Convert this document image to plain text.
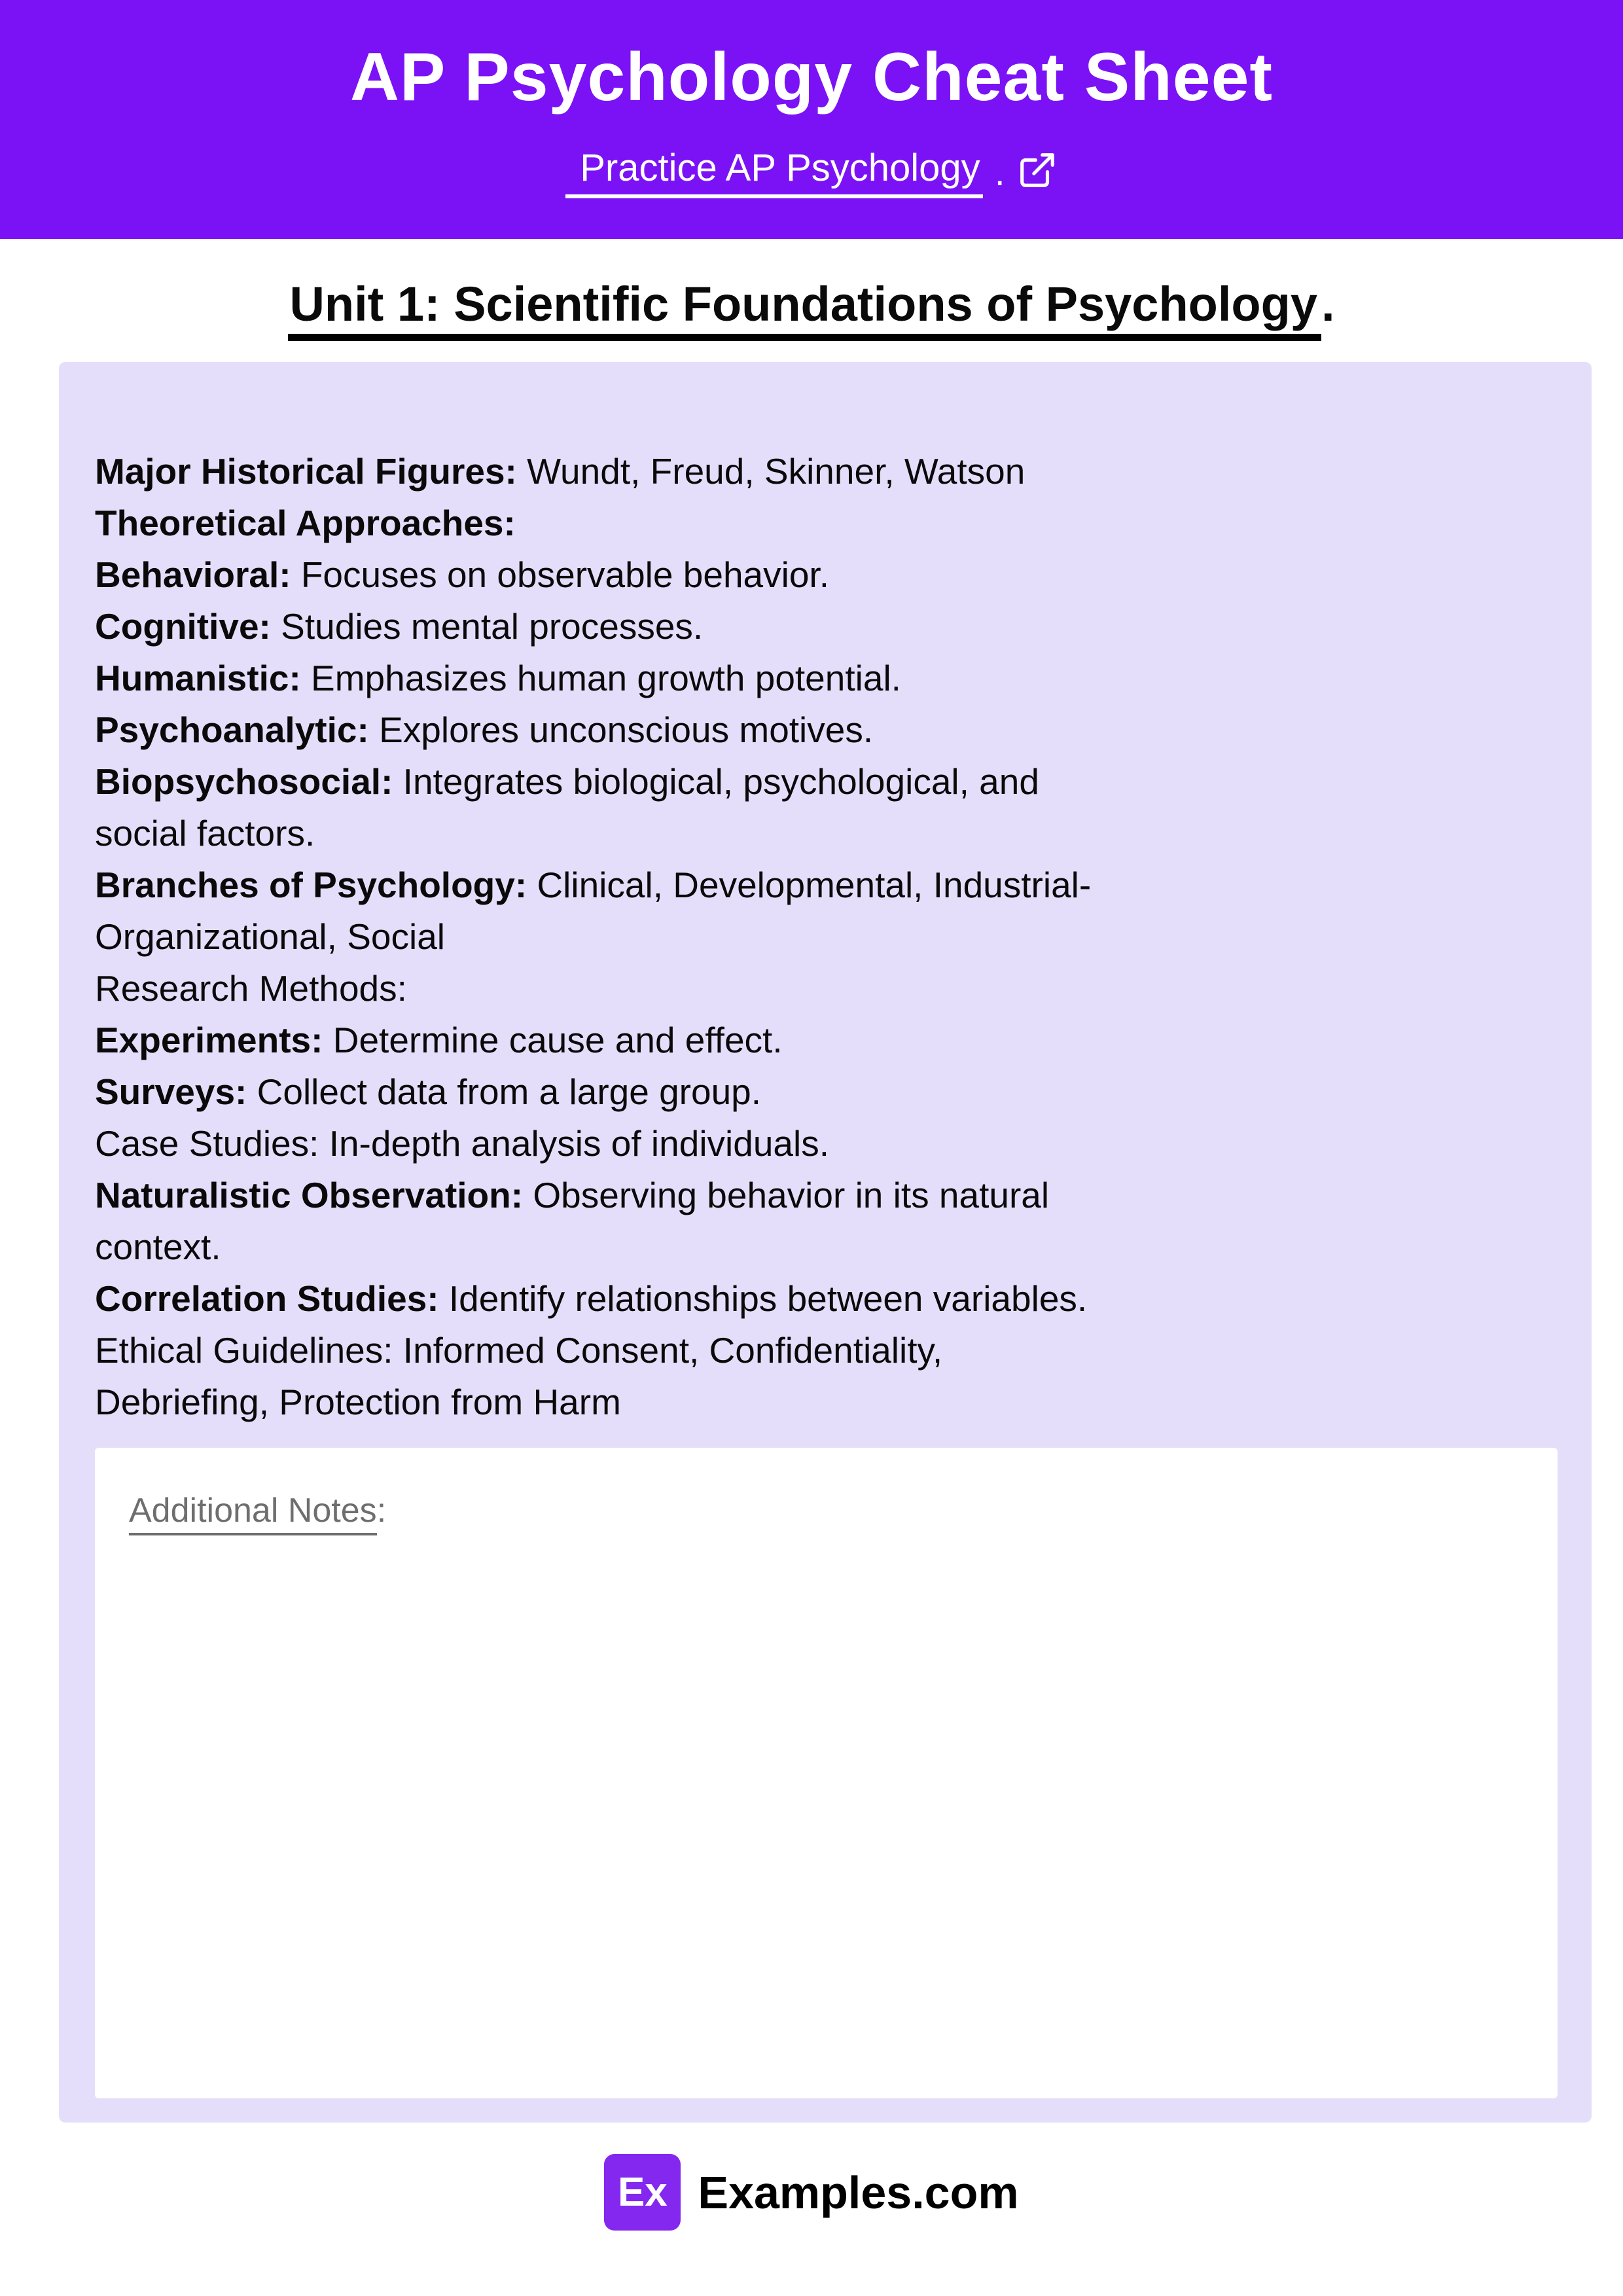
AP Psychology Cheat Sheet
Practice AP Psychology .
Unit 1: Scientific Foundations of Psychology.
Major Historical Figures: Wundt, Freud, Skinner, Watson
Theoretical Approaches:
Behavioral: Focuses on observable behavior.
Cognitive: Studies mental processes.
Humanistic: Emphasizes human growth potential.
Psychoanalytic: Explores unconscious motives.
Biopsychosocial: Integrates biological, psychological, and
social factors.
Branches of Psychology: Clinical, Developmental, Industrial-
Organizational, Social
Research Methods:
Experiments: Determine cause and effect.
Surveys: Collect data from a large group.
Case Studies: In-depth analysis of individuals.
Naturalistic Observation: Observing behavior in its natural
context.
Correlation Studies: Identify relationships between variables.
Ethical Guidelines: Informed Consent, Confidentiality,
Debriefing, Protection from Harm
Additional Notes:
Ex Examples.com
